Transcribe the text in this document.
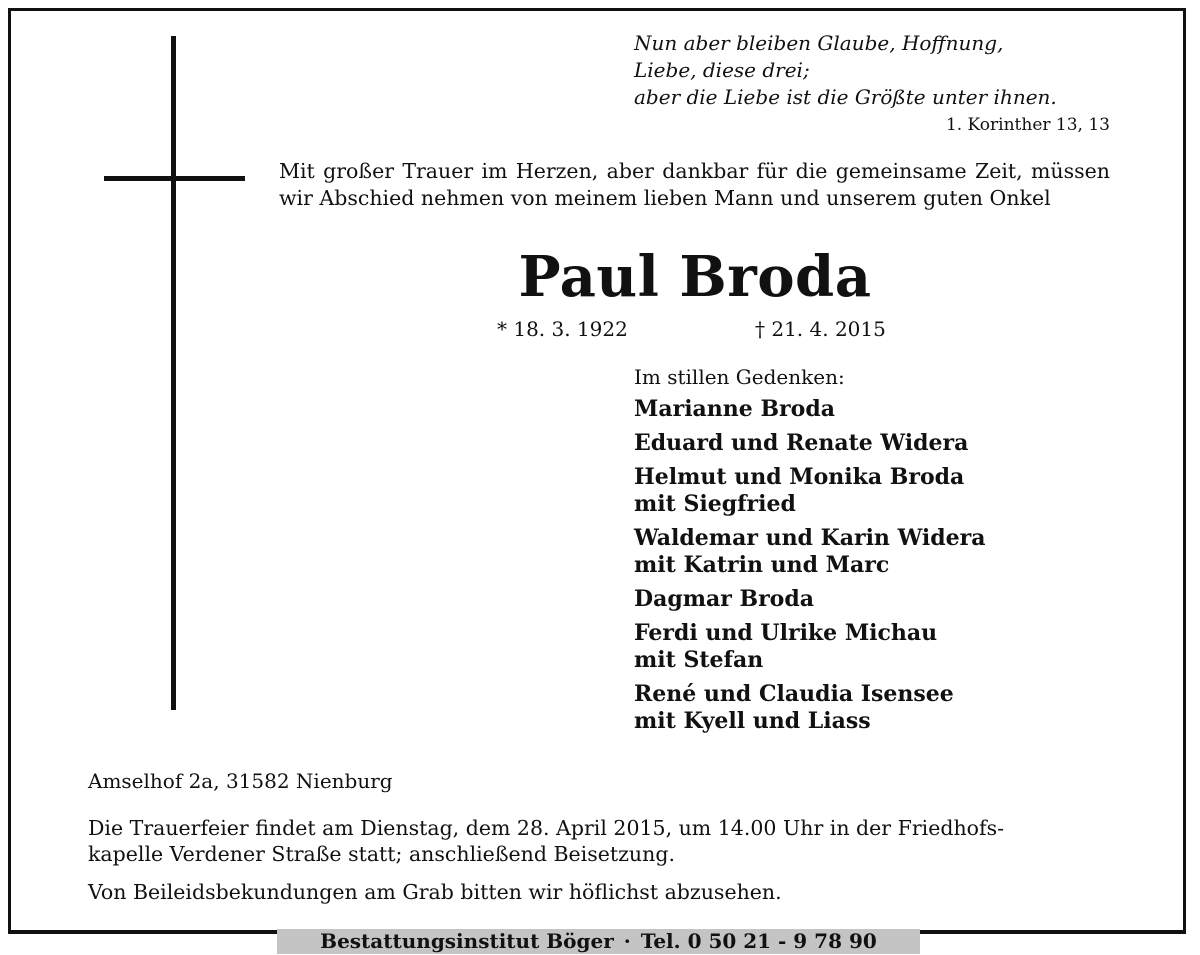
Nun aber bleiben Glaube, Hoffnung,
Liebe, diese drei;
aber die Liebe ist die Größte unter ihnen.
1. Korinther 13, 13

Mit großer Trauer im Herzen, aber dankbar für die gemeinsame Zeit, müssen wir Abschied nehmen von meinem lieben Mann und unserem guten Onkel

Paul Broda
* 18. 3. 1922	† 21. 4. 2015
Im stillen Gedenken:
Marianne Broda
Eduard und Renate Widera
Helmut und Monika Broda
mit Siegfried
Waldemar und Karin Widera
mit Katrin und Marc
Dagmar Broda
Ferdi und Ulrike Michau
mit Stefan
René und Claudia Isensee
mit Kyell und Liass
Amselhof 2a, 31582 Nienburg

Die Trauerfeier findet am Dienstag, dem 28. April 2015, um 14.00 Uhr in der Friedhofs-
kapelle Verdener Straße statt; anschließend Beisetzung.

Von Beileidsbekundungen am Grab bitten wir höflichst abzusehen.

Bestattungsinstitut Böger · Tel. 0 50 21 - 9 78 90
